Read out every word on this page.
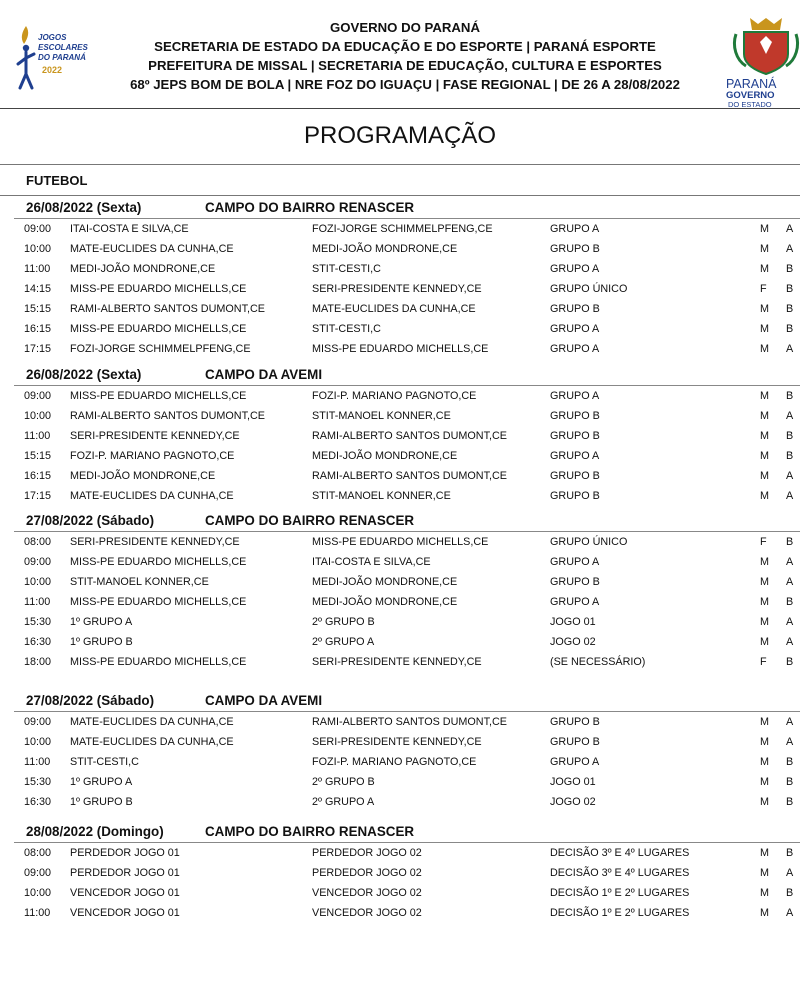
JOGOS
ESCOLARES
DO PARANÁ
2022
GOVERNO DO PARANÁ
SECRETARIA DE ESTADO DA EDUCAÇÃO E DO ESPORTE | PARANÁ ESPORTE
PREFEITURA DE MISSAL | SECRETARIA DE EDUCAÇÃO, CULTURA E ESPORTES
68º JEPS BOM DE BOLA | NRE FOZ DO IGUAÇU | FASE REGIONAL | DE 26 A 28/08/2022	PARANÁ
GOVERNO
DO ESTADO
PROGRAMAÇÃO
FUTEBOL
26/08/2022 (Sexta)	CAMPO DO BAIRRO RENASCER
09:00 ITAI-COSTA E SILVA,CE	FOZI-JORGE SCHIMMELPFENG,CE	GRUPO A	M A
10:00 MATE-EUCLIDES DA CUNHA,CE	MEDI-JOÃO MONDRONE,CE	GRUPO B	M A
11:00 MEDI-JOÃO MONDRONE,CE	STIT-CESTI,C	GRUPO A	M B
14:15 MISS-PE EDUARDO MICHELLS,CE	SERI-PRESIDENTE KENNEDY,CE	GRUPO ÚNICO	F B
15:15 RAMI-ALBERTO SANTOS DUMONT,CE	MATE-EUCLIDES DA CUNHA,CE	GRUPO B	M B
16:15 MISS-PE EDUARDO MICHELLS,CE	STIT-CESTI,C	GRUPO A	M B
17:15 FOZI-JORGE SCHIMMELPFENG,CE	MISS-PE EDUARDO MICHELLS,CE	GRUPO A	M A
26/08/2022 (Sexta)	CAMPO DA AVEMI
09:00 MISS-PE EDUARDO MICHELLS,CE	FOZI-P. MARIANO PAGNOTO,CE	GRUPO A	M B
10:00 RAMI-ALBERTO SANTOS DUMONT,CE	STIT-MANOEL KONNER,CE	GRUPO B	M A
11:00 SERI-PRESIDENTE KENNEDY,CE	RAMI-ALBERTO SANTOS DUMONT,CE	GRUPO B	M B
15:15 FOZI-P. MARIANO PAGNOTO,CE	MEDI-JOÃO MONDRONE,CE	GRUPO A	M B
16:15 MEDI-JOÃO MONDRONE,CE	RAMI-ALBERTO SANTOS DUMONT,CE	GRUPO B	M A
17:15 MATE-EUCLIDES DA CUNHA,CE	STIT-MANOEL KONNER,CE	GRUPO B	M A
27/08/2022 (Sábado)	CAMPO DO BAIRRO RENASCER
08:00 SERI-PRESIDENTE KENNEDY,CE	MISS-PE EDUARDO MICHELLS,CE	GRUPO ÚNICO	F B
09:00 MISS-PE EDUARDO MICHELLS,CE	ITAI-COSTA E SILVA,CE	GRUPO A	M A
10:00 STIT-MANOEL KONNER,CE	MEDI-JOÃO MONDRONE,CE	GRUPO B	M A
11:00 MISS-PE EDUARDO MICHELLS,CE	MEDI-JOÃO MONDRONE,CE	GRUPO A	M B
15:30 1º GRUPO A	2º GRUPO B	JOGO 01	M A
16:30 1º GRUPO B	2º GRUPO A	JOGO 02	M A
18:00 MISS-PE EDUARDO MICHELLS,CE	SERI-PRESIDENTE KENNEDY,CE	(SE NECESSÁRIO)	F B
27/08/2022 (Sábado)	CAMPO DA AVEMI
09:00 MATE-EUCLIDES DA CUNHA,CE	RAMI-ALBERTO SANTOS DUMONT,CE	GRUPO B	M A
10:00 MATE-EUCLIDES DA CUNHA,CE	SERI-PRESIDENTE KENNEDY,CE	GRUPO B	M A
11:00 STIT-CESTI,C	FOZI-P. MARIANO PAGNOTO,CE	GRUPO A	M B
15:30 1º GRUPO A	2º GRUPO B	JOGO 01	M B
16:30 1º GRUPO B	2º GRUPO A	JOGO 02	M B
28/08/2022 (Domingo)	CAMPO DO BAIRRO RENASCER
08:00 PERDEDOR JOGO 01	PERDEDOR JOGO 02	DECISÃO 3º E 4º LUGARES	M B
09:00 PERDEDOR JOGO 01	PERDEDOR JOGO 02	DECISÃO 3º E 4º LUGARES	M A
10:00 VENCEDOR JOGO 01	VENCEDOR JOGO 02	DECISÃO 1º E 2º LUGARES	M B
11:00 VENCEDOR JOGO 01	VENCEDOR JOGO 02	DECISÃO 1º E 2º LUGARES	M A
